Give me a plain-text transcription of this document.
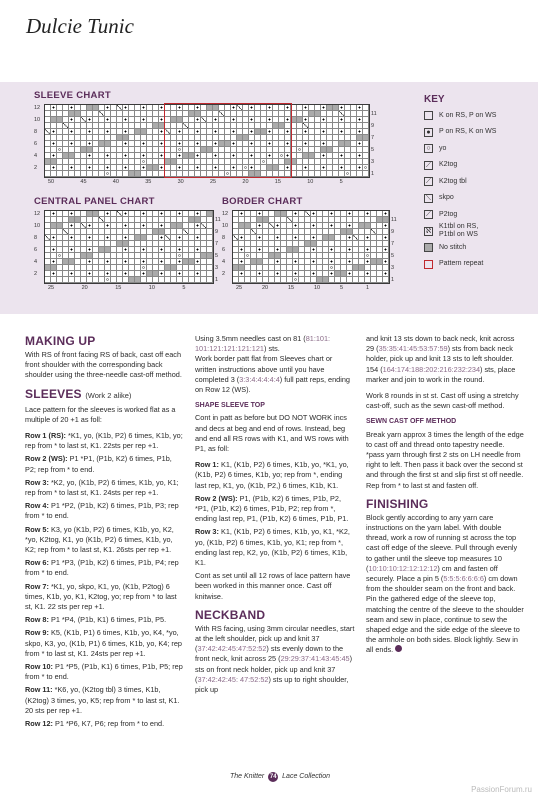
Dulcie Tunic
SLEEVE CHART
12
10
8
6
4
2
11
9
7
5
3
1
50	45	40	35	30	25	20	15	10	5
CENTRAL PANEL CHART
12
10
8
6
4
2
11
9
7
5
3
1
25	20	15	10	5
BORDER CHART
12
10
8
6
4
2
11
9
7
5
3
1
25	20	15	10	5	1
KEY
K on RS, P on WS
●	P on RS, K on WS
○	yo
⟋ K2tog
⟋ K2tog tbl
⟍ skpo
⟋ P2tog
ℵ
K1tbl on RS,
P1tbl on WS
No stitch
Pattern repeat
MAKING UP

With RS of front facing RS of back, cast off each front shoulder with the corresponding back shoulder using the three-needle cast-off method.

SLEEVES (Work 2 alike)

Lace pattern for the sleeves is worked flat as a multiple of 20 +1 as foll:

Row 1 (RS): *K1, yo, (K1b, P2) 6 times, K1b, yo; rep from * to last st, K1. 22sts per rep +1.

Row 2 (WS): P1 *P1, (P1b, K2) 6 times, P1b, P2; rep from * to end.

Row 3: *K2, yo, (K1b, P2) 6 times, K1b, yo, K1; rep from * to last st, K1. 24sts per rep +1.

Row 4: P1 *P2, (P1b, K2) 6 times, P1b, P3; rep from * to end.

Row 5: K3, yo (K1b, P2) 6 times, K1b, yo, K2, *yo, K2tog, K1, yo (K1b, P2) 6 times, K1b, yo, K2; rep from * to last st, K1. 26sts per rep +1.

Row 6: P1 *P3, (P1b, K2) 6 times, P1b, P4; rep from * to end.

Row 7: *K1, yo, skpo, K1, yo, (K1b, P2tog) 6 times, K1b, yo, K1, K2tog, yo; rep from * to last st, K1. 22 sts per rep +1.

Row 8: P1 *P4, (P1b, K1) 6 times, P1b, P5.

Row 9: K5, (K1b, P1) 6 times, K1b, yo, K4, *yo, skpo, K3, yo, (K1b, P1) 6 times, K1b, yo, K4; rep from * to last st, K1. 24sts per rep +1.

Row 10: P1 *P5, (P1b, K1) 6 times, P1b, P5; rep from * to end.

Row 11: *K6, yo, (K2tog tbl) 3 times, K1b, (K2tog) 3 times, yo, K5; rep from * to last st, K1. 20 sts per rep +1.

Row 12: P1 *P6, K7, P6; rep from * to end.

Using 3.5mm needles cast on 81 (81:101: 101:121:121:121:121) sts.
Work border patt flat from Sleeves chart or written instructions above until you have completed 3 (3:3:4:4:4:4:4) full patt reps, ending on Row 12 (WS).

SHAPE SLEEVE TOP

Cont in patt as before but DO NOT WORK incs and decs at beg and end of rows. Instead, beg and end all RS rows with K1, and WS rows with P1, as foll:

Row 1: K1, (K1b, P2) 6 times, K1b, yo, *K1, yo, (K1b, P2) 6 times, K1b, yo; rep from *, ending last rep, K1, yo, (K1b, P2,) 6 times, K1b, K1.

Row 2 (WS): P1, (P1b, K2) 6 times, P1b, P2, *P1, (P1b, K2) 6 times, P1b, P2; rep from *, ending last rep, P1, (P1b, K2) 6 times, P1b, P1.

Row 3: K1, (K1b, P2) 6 times, K1b, yo, K1, *K2, yo, (K1b, P2) 6 times, K1b, yo, K1; rep from *, ending last rep, K2, yo, (K1b, P2) 6 times, K1b, K1.

Cont as set until all 12 rows of lace pattern have been worked in this manner once. Cast off knitwise.

NECKBAND

With RS facing, using 3mm circular needles, start at the left shoulder, pick up and knit 37 (37:42:42:45:47:52:52) sts evenly down to the front neck, knit across 25 (29:29:37:41:43:45:45) sts on front neck holder, pick up and knit 37 (37:42:42:45: 47:52:52) sts up to right shoulder, pick up

and knit 13 sts down to back neck, knit across 29 (35:35:41:45:53:57:59) sts from back neck holder, pick up and knit 13 sts to left shoulder.
154 (164:174:188:202:216:232:234) sts, place marker and join to work in the round.

Work 8 rounds in st st. Cast off using a stretchy cast-off, such as the sewn cast-off method.

SEWN CAST OFF METHOD

Break yarn approx 3 times the length of the edge to cast off and thread onto tapestry needle. *pass yarn through first 2 sts on LH needle from right to left. Then pass it back over the second st and through the first st and slip first st off needle. Rep from * to last st and fasten off.

FINISHING

Block gently according to any yarn care instructions on the yarn label. With double thread, work a row of running st across the top cast off edge of the sleeve. Pull through evenly to gather until the sleeve top measures 10 (10:10:10:12:12:12:12) cm and fasten off securely. Place a pin 5 (5:5:5:6:6:6:6) cm down from the shoulder seam on the front and back. Pin the gathered edge of the sleeve top, matching the centre of the sleeve to the shoulder seam and sew in place, continue to sew the shaped edge and the side edge of the sleeve to the armhole on both sides. Block lightly. Sew in all ends.

The Knitter 74 Lace Collection
PassionForum.ru
